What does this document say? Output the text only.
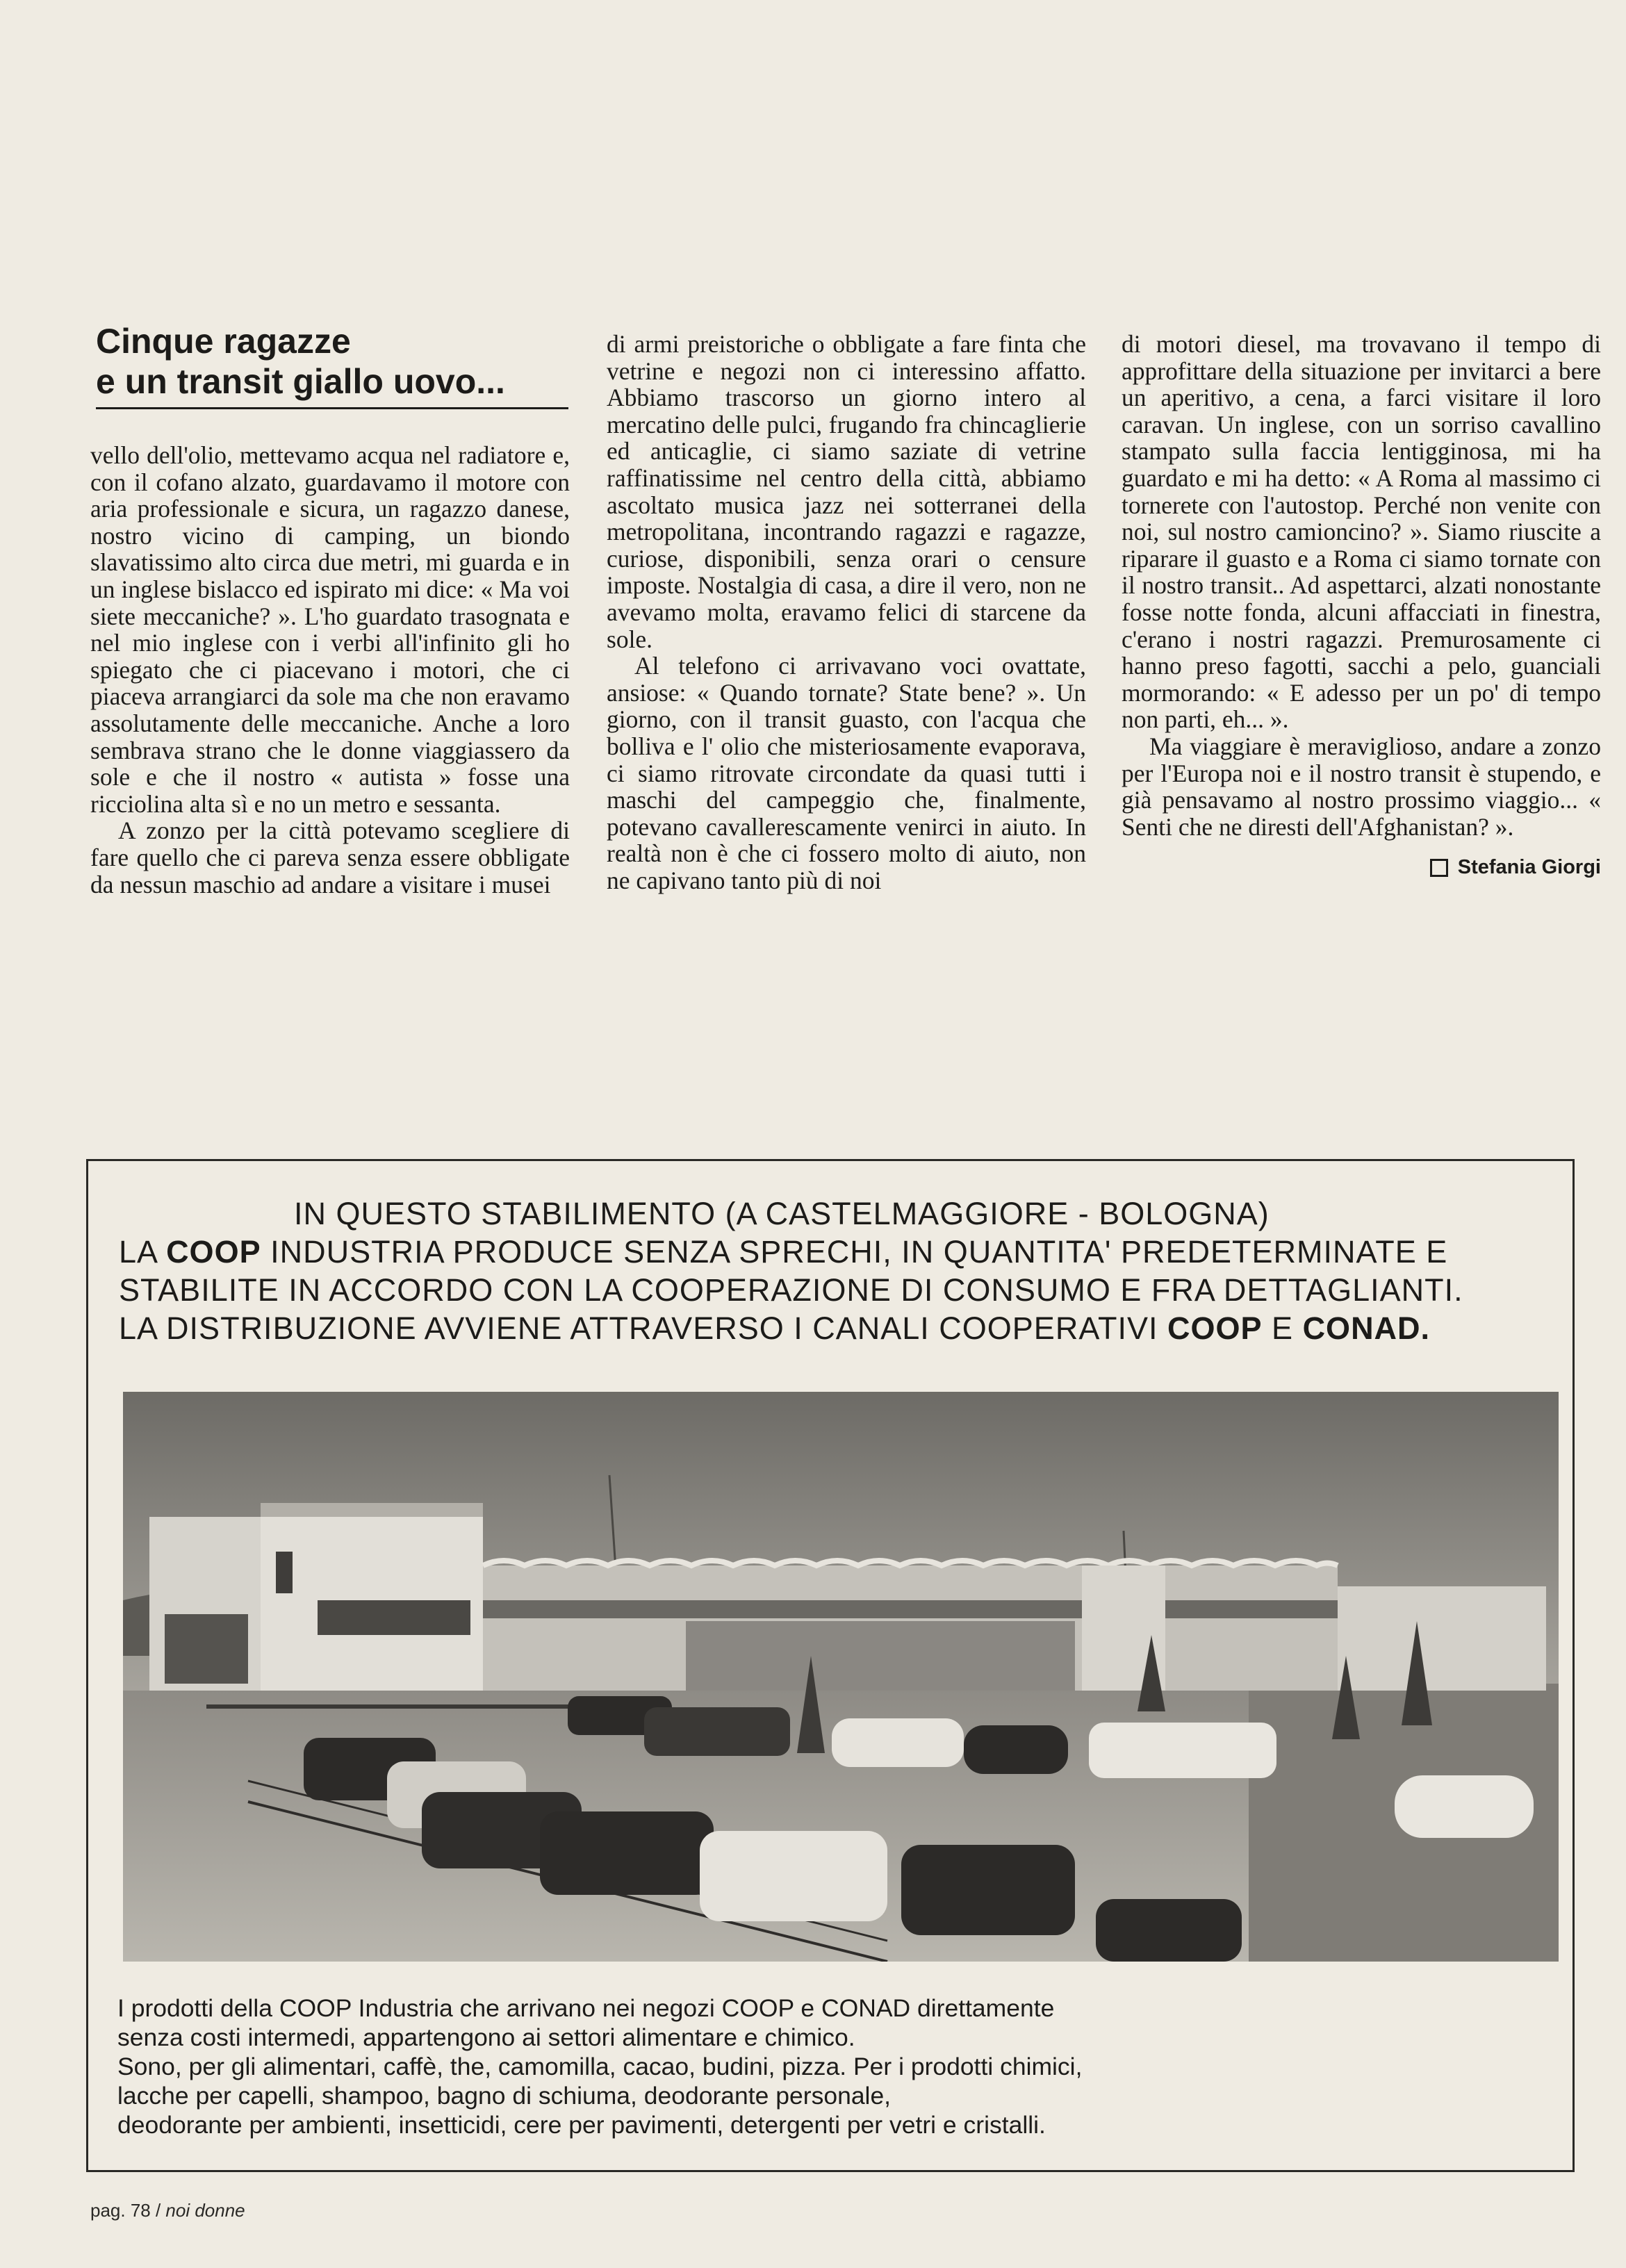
Cinque ragazze
e un transit giallo uovo...

vello dell'olio, mettevamo acqua nel radiatore e, con il cofano alzato, guardavamo il motore con aria professionale e sicura, un ragazzo danese, nostro vicino di camping, un biondo slavatissimo alto circa due metri, mi guarda e in un inglese bislacco ed ispirato mi dice: « Ma voi siete meccaniche? ». L'ho guardato trasognata e nel mio inglese con i verbi all'infinito gli ho spiegato che ci piacevano i motori, che ci piaceva arrangiarci da sole ma che non eravamo assolutamente delle meccaniche. Anche a loro sembrava strano che le donne viaggiassero da sole e che il nostro « autista » fosse una ricciolina alta sì e no un metro e sessanta.

A zonzo per la città potevamo scegliere di fare quello che ci pareva senza essere obbligate da nessun maschio ad andare a visitare i musei

di armi preistoriche o obbligate a fare finta che vetrine e negozi non ci interessino affatto. Abbiamo trascorso un giorno intero al mercatino delle pulci, frugando fra chincaglierie ed anticaglie, ci siamo saziate di vetrine raffinatissime nel centro della città, abbiamo ascoltato musica jazz nei sotterranei della metropolitana, incontrando ragazzi e ragazze, curiose, disponibili, senza orari o censure imposte. Nostalgia di casa, a dire il vero, non ne avevamo molta, eravamo felici di starcene da sole.

Al telefono ci arrivavano voci ovattate, ansiose: « Quando tornate? State bene? ». Un giorno, con il transit guasto, con l'acqua che bolliva e l' olio che misteriosamente evaporava, ci siamo ritrovate circondate da quasi tutti i maschi del campeggio che, finalmente, potevano cavallerescamente venirci in aiuto. In realtà non è che ci fossero molto di aiuto, non ne capivano tanto più di noi

di motori diesel, ma trovavano il tempo di approfittare della situazione per invitarci a bere un aperitivo, a cena, a farci visitare il loro caravan. Un inglese, con un sorriso cavallino stampato sulla faccia lentigginosa, mi ha guardato e mi ha detto: « A Roma al massimo ci tornerete con l'autostop. Perché non venite con noi, sul nostro camioncino? ». Siamo riuscite a riparare il guasto e a Roma ci siamo tornate con il nostro transit.. Ad aspettarci, alzati nonostante fosse notte fonda, alcuni affacciati in finestra, c'erano i nostri ragazzi. Premurosamente ci hanno preso fagotti, sacchi a pelo, guanciali mormorando: « E adesso per un po' di tempo non parti, eh... ».

Ma viaggiare è meraviglioso, andare a zonzo per l'Europa noi e il nostro transit è stupendo, e già pensavamo al nostro prossimo viaggio... « Senti che ne diresti dell'Afghanistan? ».

Stefania Giorgi
IN QUESTO STABILIMENTO (A CASTELMAGGIORE - BOLOGNA)
LA COOP INDUSTRIA PRODUCE SENZA SPRECHI, IN QUANTITA' PREDETERMINATE E
STABILITE IN ACCORDO CON LA COOPERAZIONE DI CONSUMO E FRA DETTAGLIANTI.
LA DISTRIBUZIONE AVVIENE ATTRAVERSO I CANALI COOPERATIVI COOP E CONAD.
I prodotti della COOP Industria che arrivano nei negozi COOP e CONAD direttamente
senza costi intermedi, appartengono ai settori alimentare e chimico.
Sono, per gli alimentari, caffè, the, camomilla, cacao, budini, pizza. Per i prodotti chimici,
lacche per capelli, shampoo, bagno di schiuma, deodorante personale,
deodorante per ambienti, insetticidi, cere per pavimenti, detergenti per vetri e cristalli.
pag. 78 / noi donne
